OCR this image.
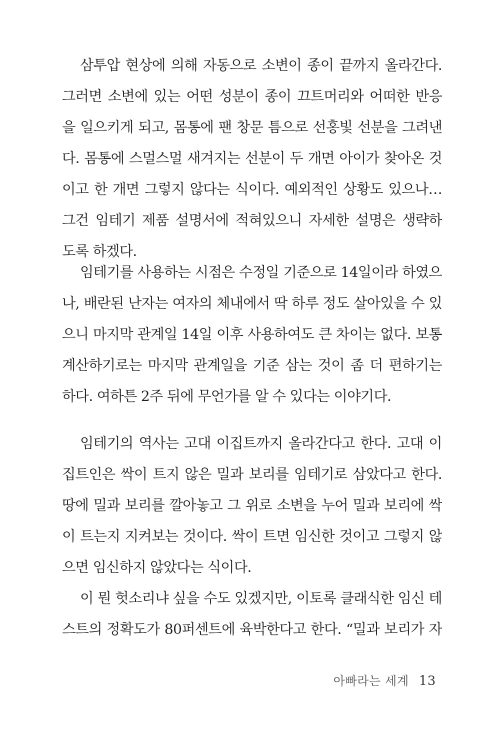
삼투압 현상에 의해 자동으로 소변이 종이 끝까지 올라간다.
그러면 소변에 있는 어떤 성분이 종이 끄트머리와 어떠한 반응
을 일으키게 되고, 몸통에 팬 창문 틈으로 선홍빛 선분을 그려낸
다. 몸통에 스멀스멀 새겨지는 선분이 두 개면 아이가 찾아온 것
이고 한 개면 그렇지 않다는 식이다. 예외적인 상황도 있으나…
그건 임테기 제품 설명서에 적혀있으니 자세한 설명은 생략하
도록 하겠다.
임테기를 사용하는 시점은 수정일 기준으로 14일이라 하였으
나, 배란된 난자는 여자의 체내에서 딱 하루 정도 살아있을 수 있
으니 마지막 관계일 14일 이후 사용하여도 큰 차이는 없다. 보통
계산하기로는 마지막 관계일을 기준 삼는 것이 좀 더 편하기는
하다. 여하튼 2주 뒤에 무언가를 알 수 있다는 이야기다.
임테기의 역사는 고대 이집트까지 올라간다고 한다. 고대 이
집트인은 싹이 트지 않은 밀과 보리를 임테기로 삼았다고 한다.
땅에 밀과 보리를 깔아놓고 그 위로 소변을 누어 밀과 보리에 싹
이 트는지 지켜보는 것이다. 싹이 트면 임신한 것이고 그렇지 않
으면 임신하지 않았다는 식이다.
이 뭔 헛소리냐 싶을 수도 있겠지만, 이토록 클래식한 임신 테
스트의 정확도가 80퍼센트에 육박한다고 한다. “밀과 보리가 자
아빠라는 세계 13
